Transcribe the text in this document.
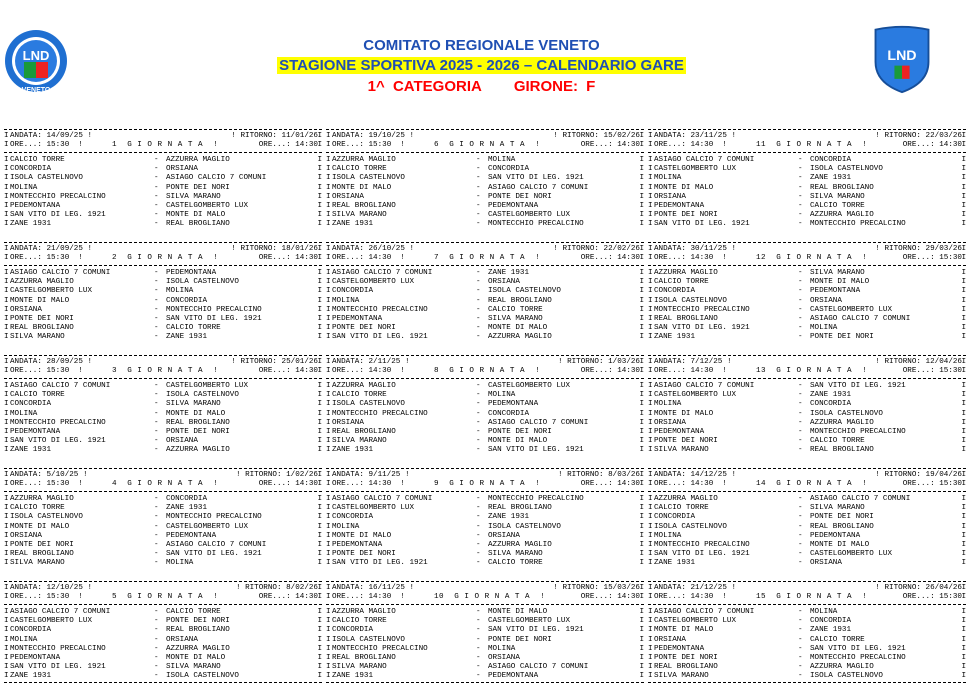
LND
VENETO
COMITATO REGIONALE VENETO
STAGIONE SPORTIVA 2025 - 2026 – CALENDARIO GARE
1^ CATEGORIA GIRONE: F
LND
I	I
ANDATA: 14/09/25 !	! RITORNO: 11/01/26
I	I
ORE...: 15:30 !	1 G I O R N A T A !	ORE...: 14:30
I	I
CALCIO TORRE	- AZZURRA MAGLIO
I	I
CONCORDIA	- ORSIANA
I	I
ISOLA CASTELNOVO	- ASIAGO CALCIO 7 COMUNI
I	I
MOLINA	- PONTE DEI NORI
I	I
MONTECCHIO PRECALCINO	- SILVA MARANO
I	I
PEDEMONTANA	- CASTELGOMBERTO LUX
I	I
SAN VITO DI LEG. 1921	- MONTE DI MALO
I	I
ZANE 1931	- REAL BROGLIANO
I	I
ANDATA: 21/09/25 !	! RITORNO: 18/01/26
I	I
ORE...: 15:30 !	2 G I O R N A T A !	ORE...: 14:30
I	I
ASIAGO CALCIO 7 COMUNI	- PEDEMONTANA
I	I
AZZURRA MAGLIO	- ISOLA CASTELNOVO
I	I
CASTELGOMBERTO LUX	- MOLINA
I	I
MONTE DI MALO	- CONCORDIA
I	I
ORSIANA	- MONTECCHIO PRECALCINO
I	I
PONTE DEI NORI	- SAN VITO DI LEG. 1921
I	I
REAL BROGLIANO	- CALCIO TORRE
I	I
SILVA MARANO	- ZANE 1931
I	I
ANDATA: 28/09/25 !	! RITORNO: 25/01/26
I	I
ORE...: 15:30 !	3 G I O R N A T A !	ORE...: 14:30
I	I
ASIAGO CALCIO 7 COMUNI	- CASTELGOMBERTO LUX
I	I
CALCIO TORRE	- ISOLA CASTELNOVO
I	I
CONCORDIA	- SILVA MARANO
I	I
MOLINA	- MONTE DI MALO
I	I
MONTECCHIO PRECALCINO	- REAL BROGLIANO
I	I
PEDEMONTANA	- PONTE DEI NORI
I	I
SAN VITO DI LEG. 1921	- ORSIANA
I	I
ZANE 1931	- AZZURRA MAGLIO
I	I
ANDATA: 5/10/25 !	! RITORNO: 1/02/26
I	I
ORE...: 15:30 !	4 G I O R N A T A !	ORE...: 14:30
I	I
AZZURRA MAGLIO	- CONCORDIA
I	I
CALCIO TORRE	- ZANE 1931
I	I
ISOLA CASTELNOVO	- MONTECCHIO PRECALCINO
I	I
MONTE DI MALO	- CASTELGOMBERTO LUX
I	I
ORSIANA	- PEDEMONTANA
I	I
PONTE DEI NORI	- ASIAGO CALCIO 7 COMUNI
I	I
REAL BROGLIANO	- SAN VITO DI LEG. 1921
I	I
SILVA MARANO	- MOLINA
I	I
ANDATA: 12/10/25 !	! RITORNO: 8/02/26
I	I
ORE...: 15:30 !	5 G I O R N A T A !	ORE...: 14:30
I	I
ASIAGO CALCIO 7 COMUNI	- CALCIO TORRE
I	I
CASTELGOMBERTO LUX	- PONTE DEI NORI
I	I
CONCORDIA	- REAL BROGLIANO
I	I
MOLINA	- ORSIANA
I	I
MONTECCHIO PRECALCINO	- AZZURRA MAGLIO
I	I
PEDEMONTANA	- MONTE DI MALO
I	I
SAN VITO DI LEG. 1921	- SILVA MARANO
I	I
ZANE 1931	- ISOLA CASTELNOVO
I	I
ANDATA: 19/10/25 !	! RITORNO: 15/02/26
I	I
ORE...: 15:30 !	6 G I O R N A T A !	ORE...: 14:30
I	I
AZZURRA MAGLIO	- MOLINA
I	I
CALCIO TORRE	- CONCORDIA
I	I
ISOLA CASTELNOVO	- SAN VITO DI LEG. 1921
I	I
MONTE DI MALO	- ASIAGO CALCIO 7 COMUNI
I	I
ORSIANA	- PONTE DEI NORI
I	I
REAL BROGLIANO	- PEDEMONTANA
I	I
SILVA MARANO	- CASTELGOMBERTO LUX
I	I
ZANE 1931	- MONTECCHIO PRECALCINO
I	I
ANDATA: 26/10/25 !	! RITORNO: 22/02/26
I	I
ORE...: 14:30 !	7 G I O R N A T A !	ORE...: 14:30
I	I
ASIAGO CALCIO 7 COMUNI	- ZANE 1931
I	I
CASTELGOMBERTO LUX	- ORSIANA
I	I
CONCORDIA	- ISOLA CASTELNOVO
I	I
MOLINA	- REAL BROGLIANO
I	I
MONTECCHIO PRECALCINO	- CALCIO TORRE
I	I
PEDEMONTANA	- SILVA MARANO
I	I
PONTE DEI NORI	- MONTE DI MALO
I	I
SAN VITO DI LEG. 1921	- AZZURRA MAGLIO
I	I
ANDATA: 2/11/25 !	! RITORNO: 1/03/26
I	I
ORE...: 14:30 !	8 G I O R N A T A !	ORE...: 14:30
I	I
AZZURRA MAGLIO	- CASTELGOMBERTO LUX
I	I
CALCIO TORRE	- MOLINA
I	I
ISOLA CASTELNOVO	- PEDEMONTANA
I	I
MONTECCHIO PRECALCINO	- CONCORDIA
I	I
ORSIANA	- ASIAGO CALCIO 7 COMUNI
I	I
REAL BROGLIANO	- PONTE DEI NORI
I	I
SILVA MARANO	- MONTE DI MALO
I	I
ZANE 1931	- SAN VITO DI LEG. 1921
I	I
ANDATA: 9/11/25 !	! RITORNO: 8/03/26
I	I
ORE...: 14:30 !	9 G I O R N A T A !	ORE...: 14:30
I	I
ASIAGO CALCIO 7 COMUNI	- MONTECCHIO PRECALCINO
I	I
CASTELGOMBERTO LUX	- REAL BROGLIANO
I	I
CONCORDIA	- ZANE 1931
I	I
MOLINA	- ISOLA CASTELNOVO
I	I
MONTE DI MALO	- ORSIANA
I	I
PEDEMONTANA	- AZZURRA MAGLIO
I	I
PONTE DEI NORI	- SILVA MARANO
I	I
SAN VITO DI LEG. 1921	- CALCIO TORRE
I	I
ANDATA: 16/11/25 !	! RITORNO: 15/03/26
I	I
ORE...: 14:30 !	10 G I O R N A T A !	ORE...: 14:30
I	I
AZZURRA MAGLIO	- MONTE DI MALO
I	I
CALCIO TORRE	- CASTELGOMBERTO LUX
I	I
CONCORDIA	- SAN VITO DI LEG. 1921
I	I
ISOLA CASTELNOVO	- PONTE DEI NORI
I	I
MONTECCHIO PRECALCINO	- MOLINA
I	I
REAL BROGLIANO	- ORSIANA
I	I
SILVA MARANO	- ASIAGO CALCIO 7 COMUNI
I	I
ZANE 1931	- PEDEMONTANA
I	I
ANDATA: 23/11/25 !	! RITORNO: 22/03/26
I	I
ORE...: 14:30 !	11 G I O R N A T A !	ORE...: 14:30
I	I
ASIAGO CALCIO 7 COMUNI	- CONCORDIA
I	I
CASTELGOMBERTO LUX	- ISOLA CASTELNOVO
I	I
MOLINA	- ZANE 1931
I	I
MONTE DI MALO	- REAL BROGLIANO
I	I
ORSIANA	- SILVA MARANO
I	I
PEDEMONTANA	- CALCIO TORRE
I	I
PONTE DEI NORI	- AZZURRA MAGLIO
I	I
SAN VITO DI LEG. 1921	- MONTECCHIO PRECALCINO
I	I
ANDATA: 30/11/25 !	! RITORNO: 29/03/26
I	I
ORE...: 14:30 !	12 G I O R N A T A !	ORE...: 15:30
I	I
AZZURRA MAGLIO	- SILVA MARANO
I	I
CALCIO TORRE	- MONTE DI MALO
I	I
CONCORDIA	- PEDEMONTANA
I	I
ISOLA CASTELNOVO	- ORSIANA
I	I
MONTECCHIO PRECALCINO	- CASTELGOMBERTO LUX
I	I
REAL BROGLIANO	- ASIAGO CALCIO 7 COMUNI
I	I
SAN VITO DI LEG. 1921	- MOLINA
I	I
ZANE 1931	- PONTE DEI NORI
I	I
ANDATA: 7/12/25 !	! RITORNO: 12/04/26
I	I
ORE...: 14:30 !	13 G I O R N A T A !	ORE...: 15:30
I	I
ASIAGO CALCIO 7 COMUNI	- SAN VITO DI LEG. 1921
I	I
CASTELGOMBERTO LUX	- ZANE 1931
I	I
MOLINA	- CONCORDIA
I	I
MONTE DI MALO	- ISOLA CASTELNOVO
I	I
ORSIANA	- AZZURRA MAGLIO
I	I
PEDEMONTANA	- MONTECCHIO PRECALCINO
I	I
PONTE DEI NORI	- CALCIO TORRE
I	I
SILVA MARANO	- REAL BROGLIANO
I	I
ANDATA: 14/12/25 !	! RITORNO: 19/04/26
I	I
ORE...: 14:30 !	14 G I O R N A T A !	ORE...: 15:30
I	I
AZZURRA MAGLIO	- ASIAGO CALCIO 7 COMUNI
I	I
CALCIO TORRE	- SILVA MARANO
I	I
CONCORDIA	- PONTE DEI NORI
I	I
ISOLA CASTELNOVO	- REAL BROGLIANO
I	I
MOLINA	- PEDEMONTANA
I	I
MONTECCHIO PRECALCINO	- MONTE DI MALO
I	I
SAN VITO DI LEG. 1921	- CASTELGOMBERTO LUX
I	I
ZANE 1931	- ORSIANA
I	I
ANDATA: 21/12/25 !	! RITORNO: 26/04/26
I	I
ORE...: 14:30 !	15 G I O R N A T A !	ORE...: 15:30
I	I
ASIAGO CALCIO 7 COMUNI	- MOLINA
I	I
CASTELGOMBERTO LUX	- CONCORDIA
I	I
MONTE DI MALO	- ZANE 1931
I	I
ORSIANA	- CALCIO TORRE
I	I
PEDEMONTANA	- SAN VITO DI LEG. 1921
I	I
PONTE DEI NORI	- MONTECCHIO PRECALCINO
I	I
REAL BROGLIANO	- AZZURRA MAGLIO
I	I
SILVA MARANO	- ISOLA CASTELNOVO
